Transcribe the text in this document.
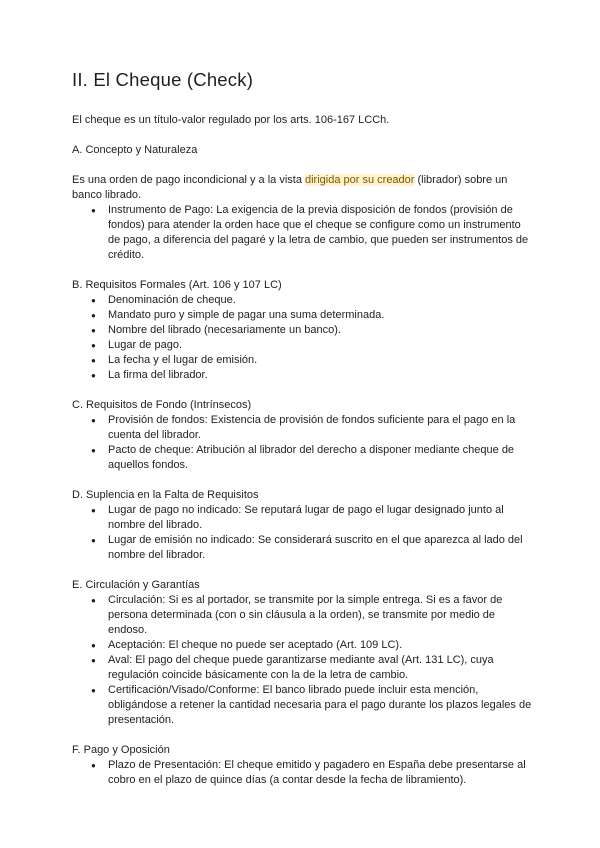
II. El Cheque (Check)

El cheque es un título-valor regulado por los arts. 106-167 LCCh.

A. Concepto y Naturaleza

Es una orden de pago incondicional y a la vista dirigida por su creador (librador) sobre un banco librado.

● Instrumento de Pago: La exigencia de la previa disposición de fondos (provisión de fondos) para atender la orden hace que el cheque se configure como un instrumento de pago, a diferencia del pagaré y la letra de cambio, que pueden ser instrumentos de crédito.

B. Requisitos Formales (Art. 106 y 107 LC)

● Denominación de cheque.
● Mandato puro y simple de pagar una suma determinada.
● Nombre del librado (necesariamente un banco).
● Lugar de pago.
● La fecha y el lugar de emisión.
● La firma del librador.

C. Requisitos de Fondo (Intrínsecos)

● Provisión de fondos: Existencia de provisión de fondos suficiente para el pago en la cuenta del librador.
● Pacto de cheque: Atribución al librador del derecho a disponer mediante cheque de aquellos fondos.

D. Suplencia en la Falta de Requisitos

● Lugar de pago no indicado: Se reputará lugar de pago el lugar designado junto al nombre del librado.
● Lugar de emisión no indicado: Se considerará suscrito en el que aparezca al lado del nombre del librador.

E. Circulación y Garantías

● Circulación: Si es al portador, se transmite por la simple entrega. Si es a favor de persona determinada (con o sin cláusula a la orden), se transmite por medio de endoso.
● Aceptación: El cheque no puede ser aceptado (Art. 109 LC).
● Aval: El pago del cheque puede garantizarse mediante aval (Art. 131 LC), cuya regulación coincide básicamente con la de la letra de cambio.
● Certificación/Visado/Conforme: El banco librado puede incluir esta mención, obligándose a retener la cantidad necesaria para el pago durante los plazos legales de presentación.

F. Pago y Oposición

● Plazo de Presentación: El cheque emitido y pagadero en España debe presentarse al cobro en el plazo de quince días (a contar desde la fecha de libramiento).
